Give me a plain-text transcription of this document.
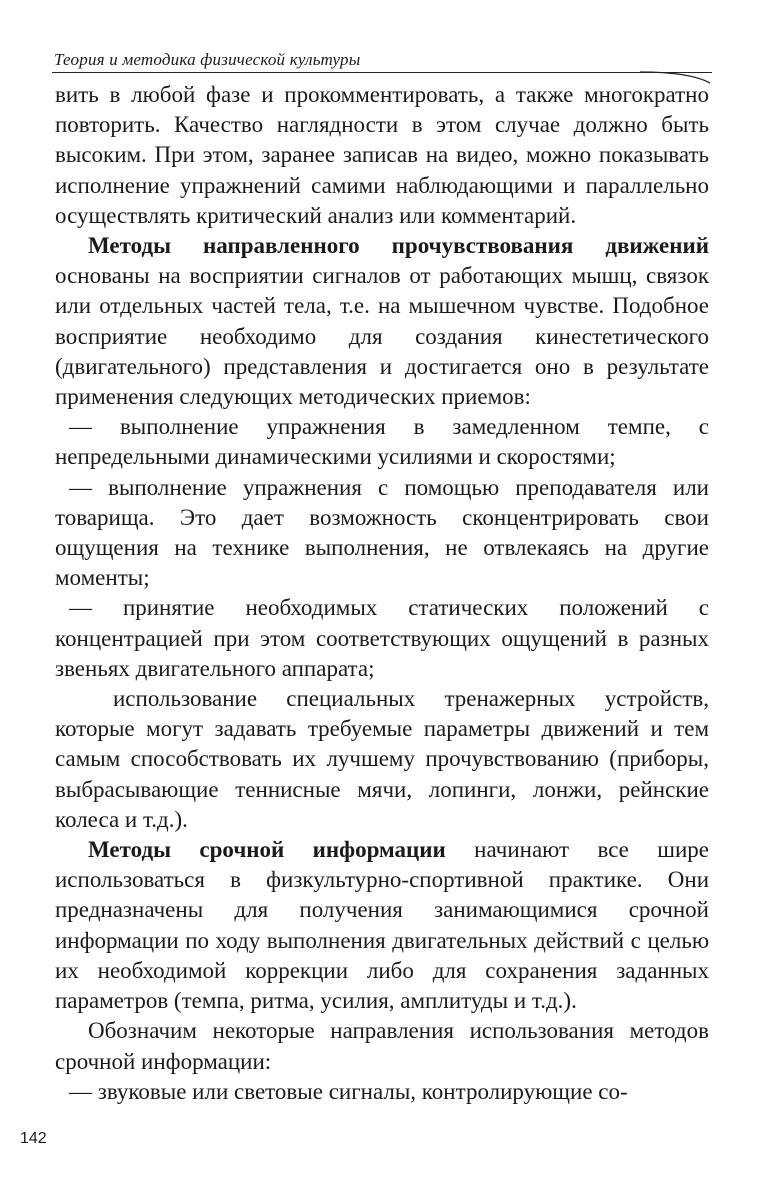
Теория и методика физической культуры

вить в любой фазе и прокомментировать, а также многократно повторить. Качество наглядности в этом случае должно быть высоким. При этом, заранее записав на видео, можно показывать исполнение упражнений самими наблюдающими и параллельно осуществлять критический анализ или комментарий.

Методы направленного прочувствования движений основаны на восприятии сигналов от работающих мышц, связок или отдельных частей тела, т.е. на мышечном чувстве. Подобное восприятие необходимо для создания кинестетического (двигательного) представления и достигается оно в результате применения следующих методических приемов:

— выполнение упражнения в замедленном темпе, с непредельными динамическими усилиями и скоростями;

— выполнение упражнения с помощью преподавателя или товарища. Это дает возможность сконцентрировать свои ощущения на технике выполнения, не отвлекаясь на другие моменты;

— принятие необходимых статических положений с концентрацией при этом соответствующих ощущений в разных звеньях двигательного аппарата;

использование специальных тренажерных устройств, которые могут задавать требуемые параметры движений и тем самым способствовать их лучшему прочувствованию (приборы, выбрасывающие теннисные мячи, лопинги, лонжи, рейнские колеса и т.д.).

Методы срочной информации начинают все шире использоваться в физкультурно-спортивной практике. Они предназначены для получения занимающимися срочной информации по ходу выполнения двигательных действий с целью их необходимой коррекции либо для сохранения заданных параметров (темпа, ритма, усилия, амплитуды и т.д.).

Обозначим некоторые направления использования методов срочной информации:

— звуковые или световые сигналы, контролирующие со-

142
